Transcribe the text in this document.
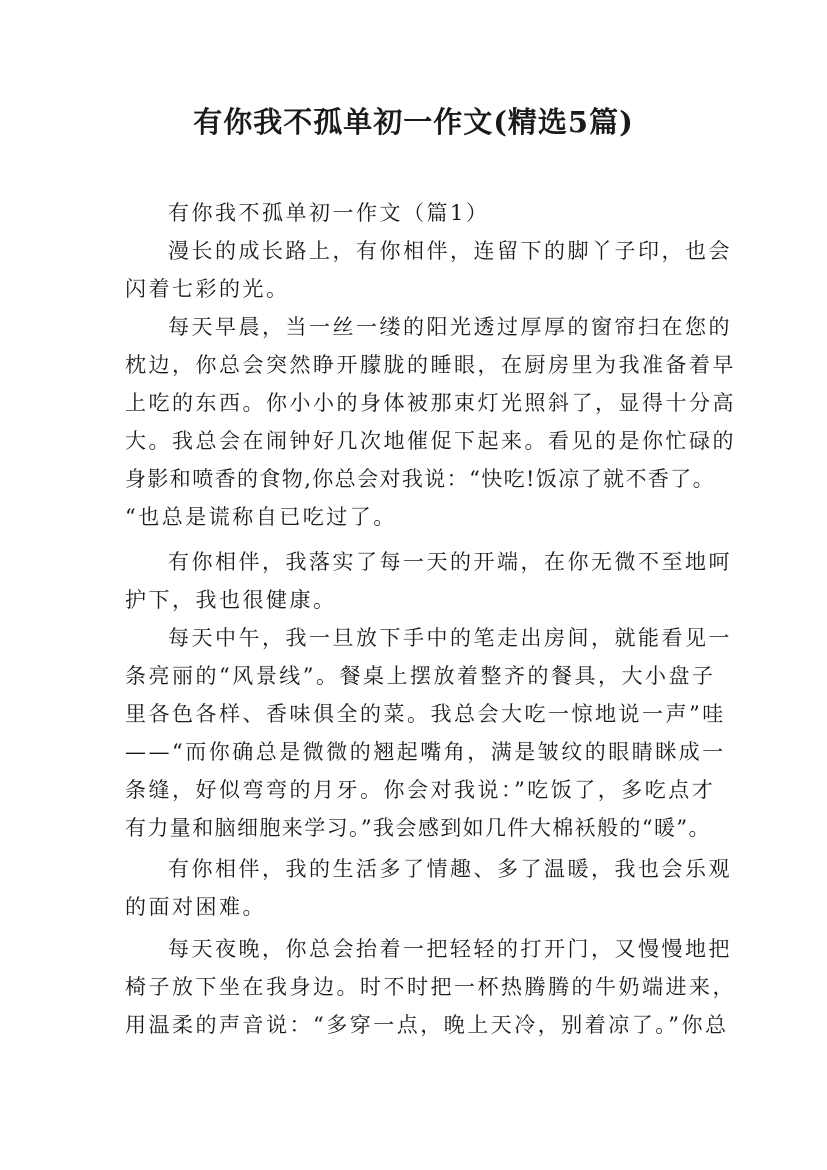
有你我不孤单初一作文(精选5篇)
有你我不孤单初一作文（篇1）
漫长的成长路上，有你相伴，连留下的脚丫子印，也会
闪着七彩的光。
每天早晨，当一丝一缕的阳光透过厚厚的窗帘扫在您的
枕边，你总会突然睁开朦胧的睡眼，在厨房里为我准备着早
上吃的东西。你小小的身体被那束灯光照斜了，显得十分高
大。我总会在闹钟好几次地催促下起来。看见的是你忙碌的
身影和喷香的食物,你总会对我说：“快吃!饭凉了就不香了。
“也总是谎称自已吃过了。
有你相伴，我落实了每一天的开端，在你无微不至地呵
护下，我也很健康。
每天中午，我一旦放下手中的笔走出房间，就能看见一
条亮丽的“风景线”。餐桌上摆放着整齐的餐具，大小盘子
里各色各样、香味俱全的菜。我总会大吃一惊地说一声”哇
——“而你确总是微微的翘起嘴角，满是皱纹的眼睛眯成一
条缝，好似弯弯的月牙。你会对我说：”吃饭了，多吃点才
有力量和脑细胞来学习。”我会感到如几件大棉袄般的“暖”。
有你相伴，我的生活多了情趣、多了温暖，我也会乐观
的面对困难。
每天夜晚，你总会抬着一把轻轻的打开门，又慢慢地把
椅子放下坐在我身边。时不时把一杯热腾腾的牛奶端进来，
用温柔的声音说：“多穿一点，晚上天冷，别着凉了。”你总
